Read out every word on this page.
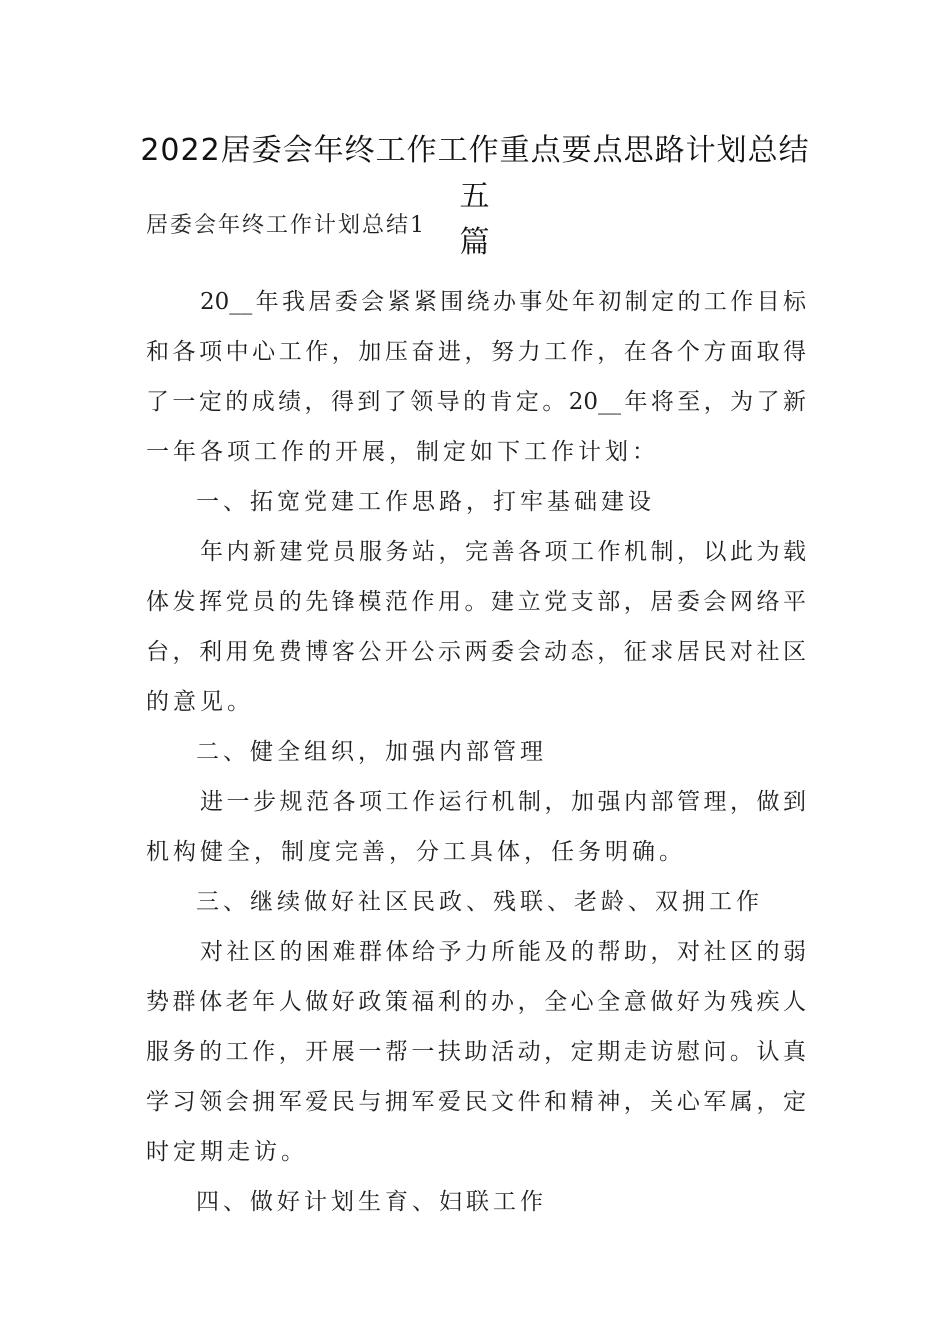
2022居委会年终工作工作重点要点思路计划总结五
篇
居委会年终工作计划总结1
20__年我居委会紧紧围绕办事处年初制定的工作目标
和各项中心工作，加压奋进，努力工作，在各个方面取得
了一定的成绩，得到了领导的肯定。20__年将至，为了新
一年各项工作的开展，制定如下工作计划：
一、拓宽党建工作思路，打牢基础建设
年内新建党员服务站，完善各项工作机制，以此为载
体发挥党员的先锋模范作用。建立党支部，居委会网络平
台，利用免费博客公开公示两委会动态，征求居民对社区
的意见。
二、健全组织，加强内部管理
进一步规范各项工作运行机制，加强内部管理，做到
机构健全，制度完善，分工具体，任务明确。
三、继续做好社区民政、残联、老龄、双拥工作
对社区的困难群体给予力所能及的帮助，对社区的弱
势群体老年人做好政策福利的办，全心全意做好为残疾人
服务的工作，开展一帮一扶助活动，定期走访慰问。认真
学习领会拥军爱民与拥军爱民文件和精神，关心军属，定
时定期走访。
四、做好计划生育、妇联工作
